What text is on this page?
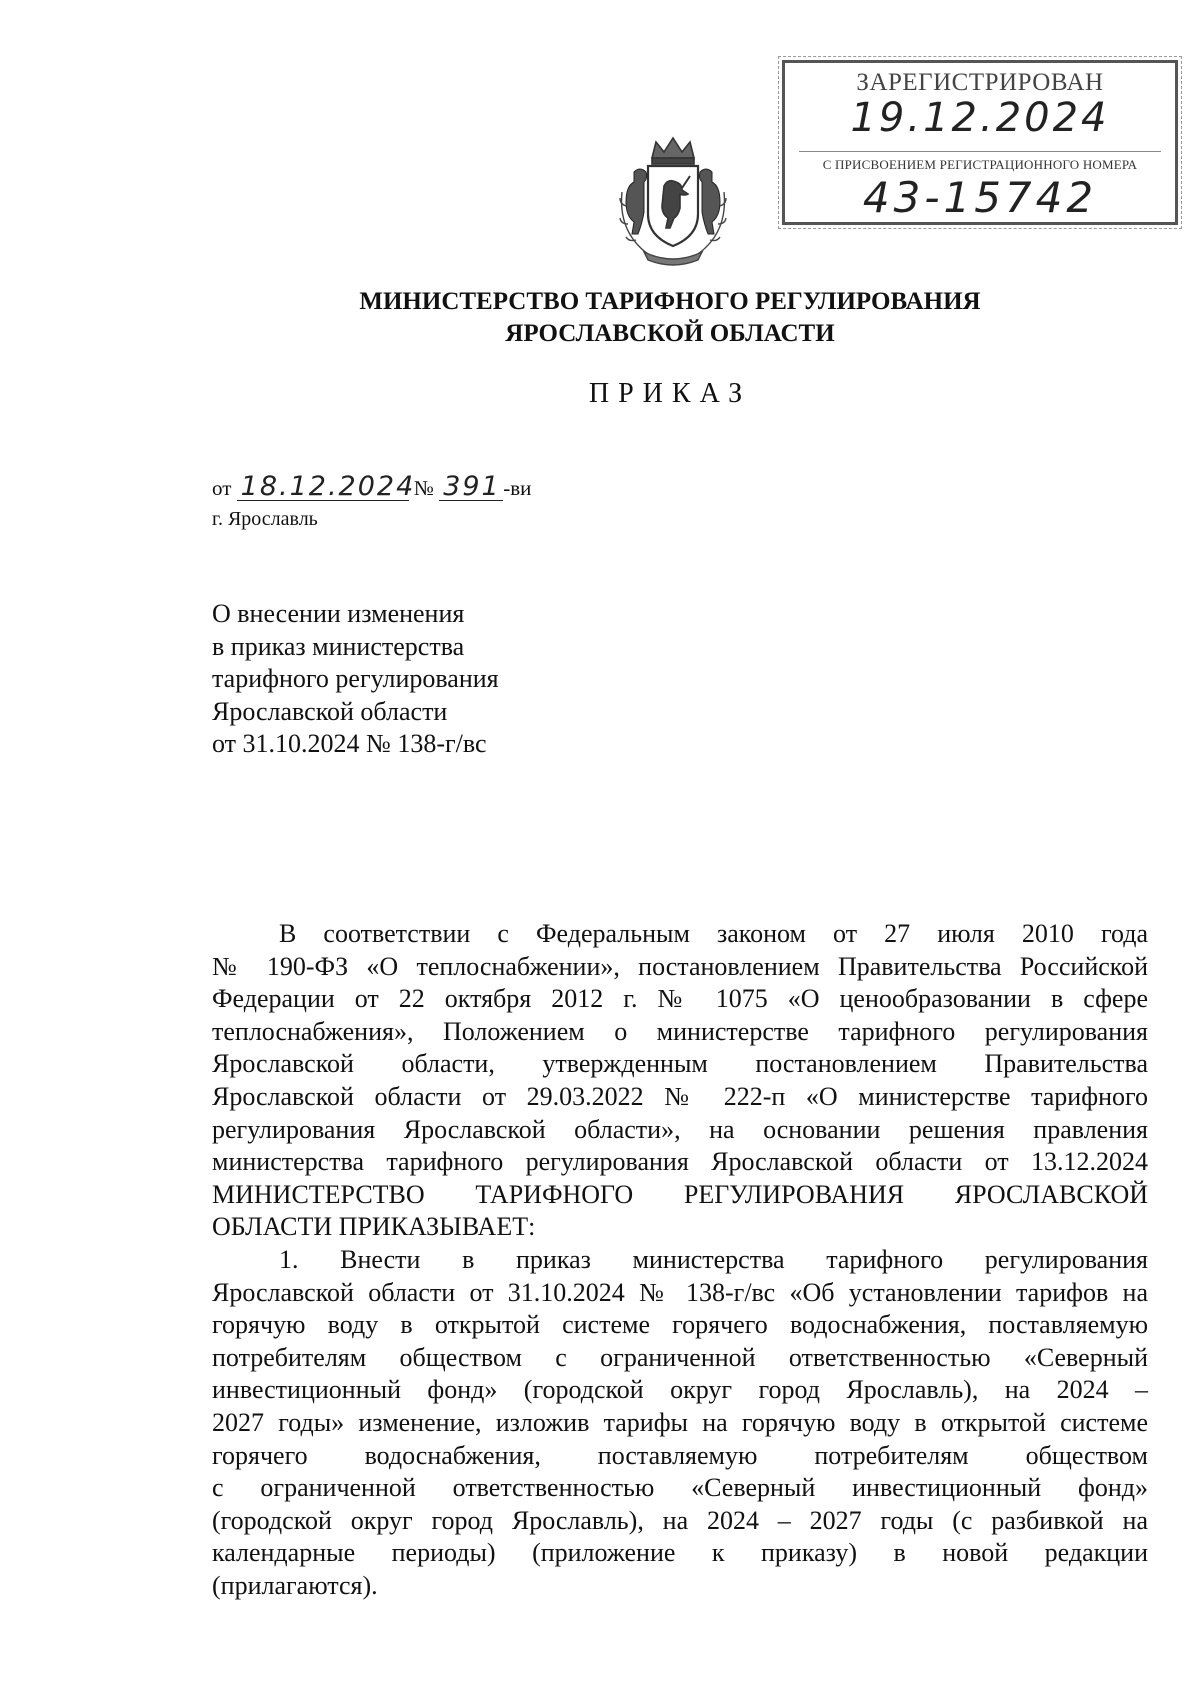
ЗАРЕГИСТРИРОВАН
19.12.2024
С ПРИСВОЕНИЕМ РЕГИСТРАЦИОННОГО НОМЕРА
43-15742
МИНИСТЕРСТВО ТАРИФНОГО РЕГУЛИРОВАНИЯ
ЯРОСЛАВСКОЙ ОБЛАСТИ
ПРИКАЗ
от 18.12.2024 № 391 -ви
г. Ярославль
О внесении изменения
в приказ министерства
тарифного регулирования
Ярославской области
от 31.10.2024 № 138-г/вс
В соответствии с Федеральным законом от 27 июля 2010 года
№ 190-ФЗ «О теплоснабжении», постановлением Правительства Российской
Федерации от 22 октября 2012 г. № 1075 «О ценообразовании в сфере
теплоснабжения», Положением о министерстве тарифного регулирования
Ярославской области, утвержденным постановлением Правительства
Ярославской области от 29.03.2022 № 222-п «О министерстве тарифного
регулирования Ярославской области», на основании решения правления
министерства тарифного регулирования Ярославской области от 13.12.2024
МИНИСТЕРСТВО ТАРИФНОГО РЕГУЛИРОВАНИЯ ЯРОСЛАВСКОЙ
ОБЛАСТИ ПРИКАЗЫВАЕТ:
1. Внести в приказ министерства тарифного регулирования
Ярославской области от 31.10.2024 № 138-г/вс «Об установлении тарифов на
горячую воду в открытой системе горячего водоснабжения, поставляемую
потребителям обществом с ограниченной ответственностью «Северный
инвестиционный фонд» (городской округ город Ярославль), на 2024 –
2027 годы» изменение, изложив тарифы на горячую воду в открытой системе
горячего водоснабжения, поставляемую потребителям обществом
с ограниченной ответственностью «Северный инвестиционный фонд»
(городской округ город Ярославль), на 2024 – 2027 годы (с разбивкой на
календарные периоды) (приложение к приказу) в новой редакции
(прилагаются).
